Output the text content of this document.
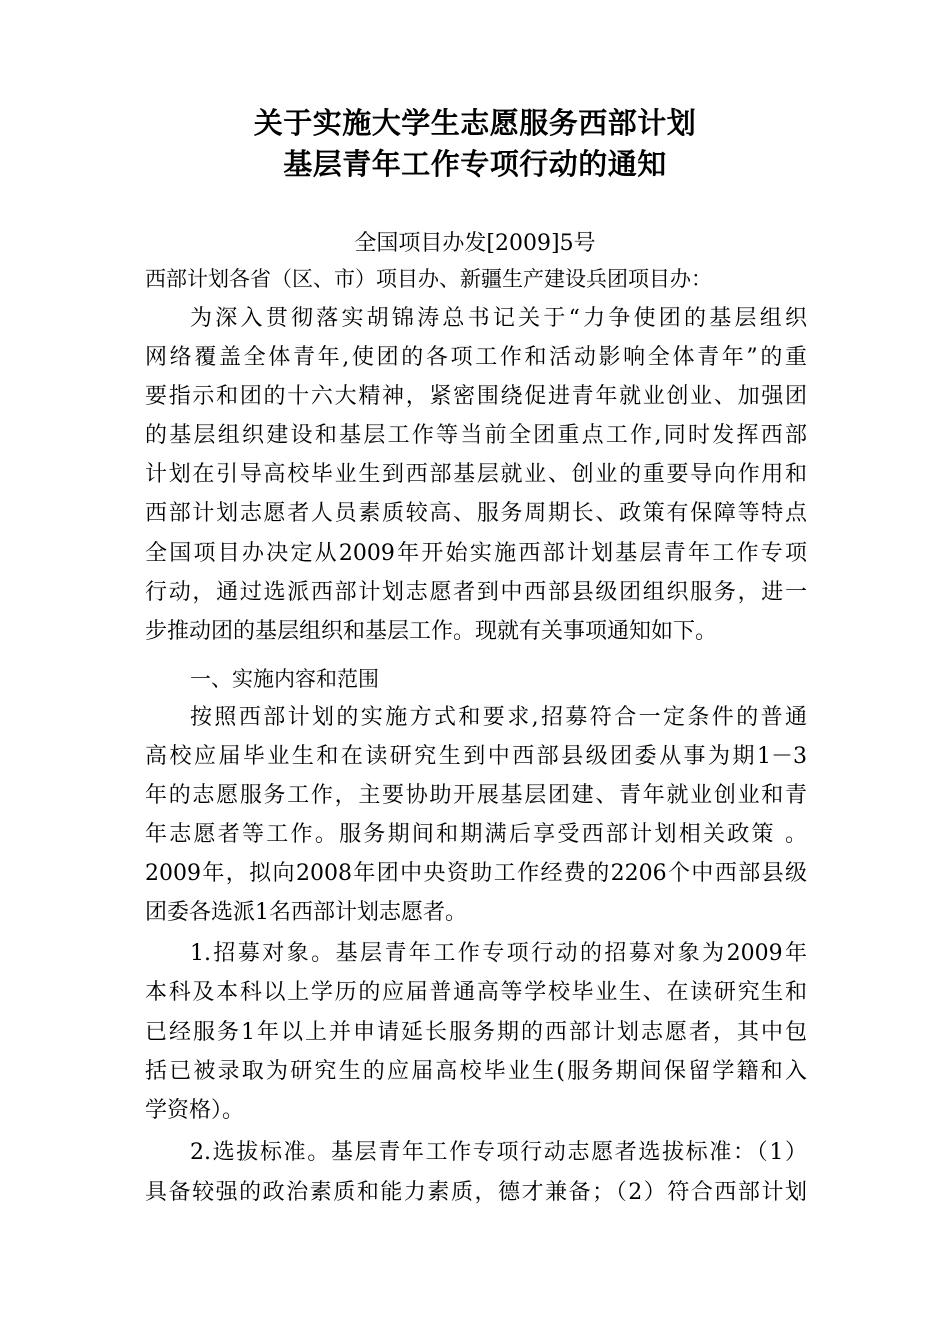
关于实施大学生志愿服务西部计划
基层青年工作专项行动的通知
全国项目办发[2009]5号
西部计划各省（区、市）项目办、新疆生产建设兵团项目办：
为深入贯彻落实胡锦涛总书记关于“力争使团的基层组织
网络覆盖全体青年,使团的各项工作和活动影响全体青年”的重
要指示和团的十六大精神，紧密围绕促进青年就业创业、加强团
的基层组织建设和基层工作等当前全团重点工作,同时发挥西部
计划在引导高校毕业生到西部基层就业、创业的重要导向作用和
西部计划志愿者人员素质较高、服务周期长、政策有保障等特点
全国项目办决定从2009年开始实施西部计划基层青年工作专项
行动，通过选派西部计划志愿者到中西部县级团组织服务，进一
步推动团的基层组织和基层工作。现就有关事项通知如下。
一、实施内容和范围
按照西部计划的实施方式和要求,招募符合一定条件的普通
高校应届毕业生和在读研究生到中西部县级团委从事为期1－3
年的志愿服务工作，主要协助开展基层团建、青年就业创业和青
年志愿者等工作。服务期间和期满后享受西部计划相关政策 。
2009年，拟向2008年团中央资助工作经费的2206个中西部县级
团委各选派1名西部计划志愿者。
1.招募对象。基层青年工作专项行动的招募对象为2009年
本科及本科以上学历的应届普通高等学校毕业生、在读研究生和
已经服务1年以上并申请延长服务期的西部计划志愿者，其中包
括已被录取为研究生的应届高校毕业生(服务期间保留学籍和入
学资格）。
2.选拔标准。基层青年工作专项行动志愿者选拔标准：（1）
具备较强的政治素质和能力素质，德才兼备；（2）符合西部计划
